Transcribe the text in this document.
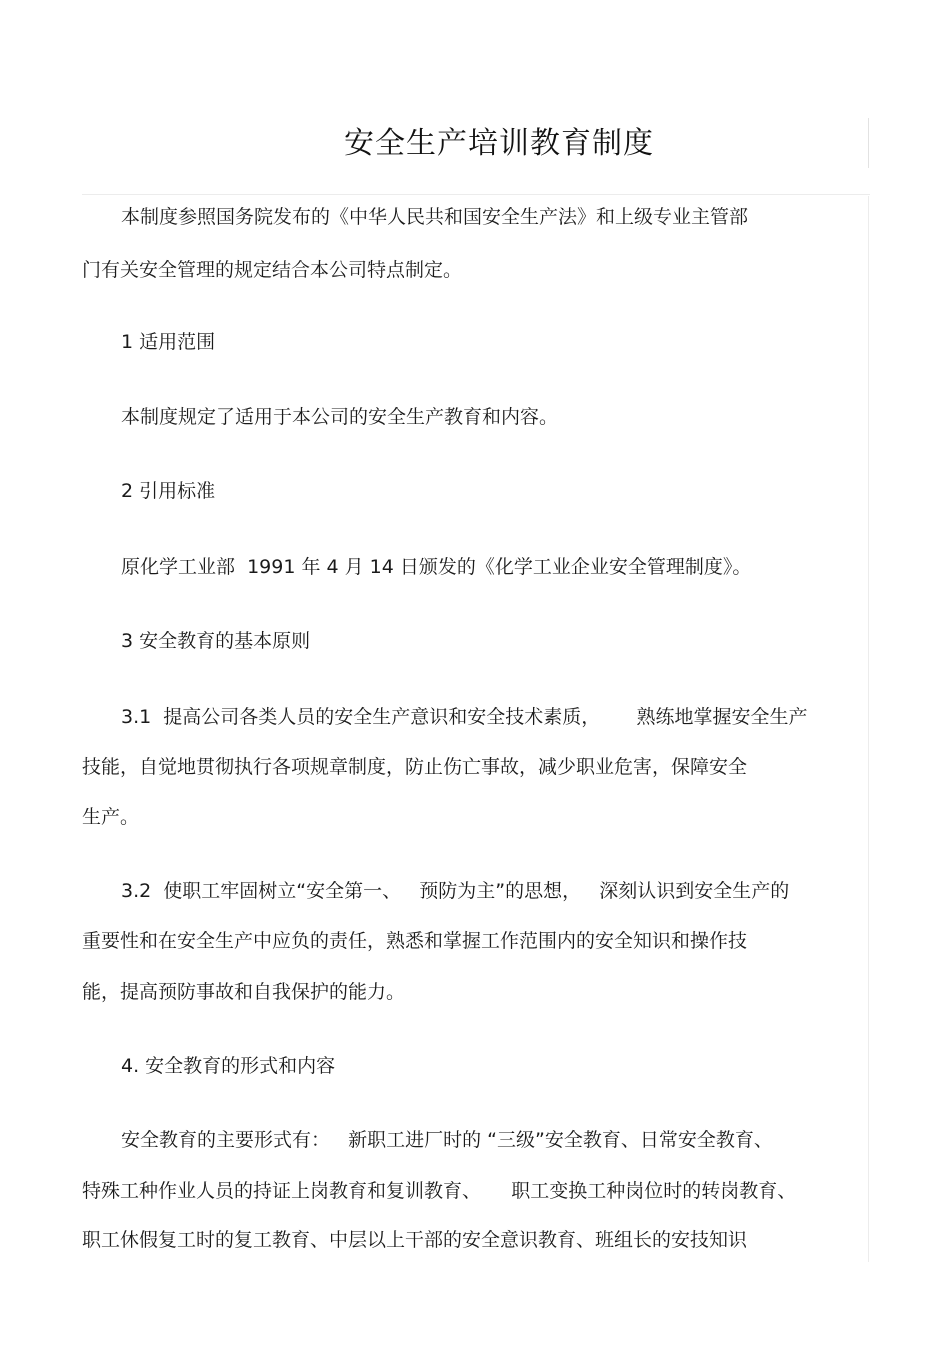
安全生产培训教育制度
本制度参照国务院发布的《中华人民共和国安全生产法》和上级专业主管部
门有关安全管理的规定结合本公司特点制定。
1 适用范围
本制度规定了适用于本公司的安全生产教育和内容。
2 引用标准
原化学工业部  1991 年 4 月 14 日颁发的《化学工业企业安全管理制度》。
3 安全教育的基本原则
3.1  提高公司各类人员的安全生产意识和安全技术素质，      熟练地掌握安全生产
技能，自觉地贯彻执行各项规章制度，防止伤亡事故，减少职业危害，保障安全
生产。
3.2  使职工牢固树立“安全第一、   预防为主”的思想，   深刻认识到安全生产的
重要性和在安全生产中应负的责任，熟悉和掌握工作范围内的安全知识和操作技
能，提高预防事故和自我保护的能力。
4. 安全教育的形式和内容
安全教育的主要形式有：   新职工进厂时的 “三级”安全教育、日常安全教育、
特殊工种作业人员的持证上岗教育和复训教育、     职工变换工种岗位时的转岗教育、
职工休假复工时的复工教育、中层以上干部的安全意识教育、班组长的安技知识
